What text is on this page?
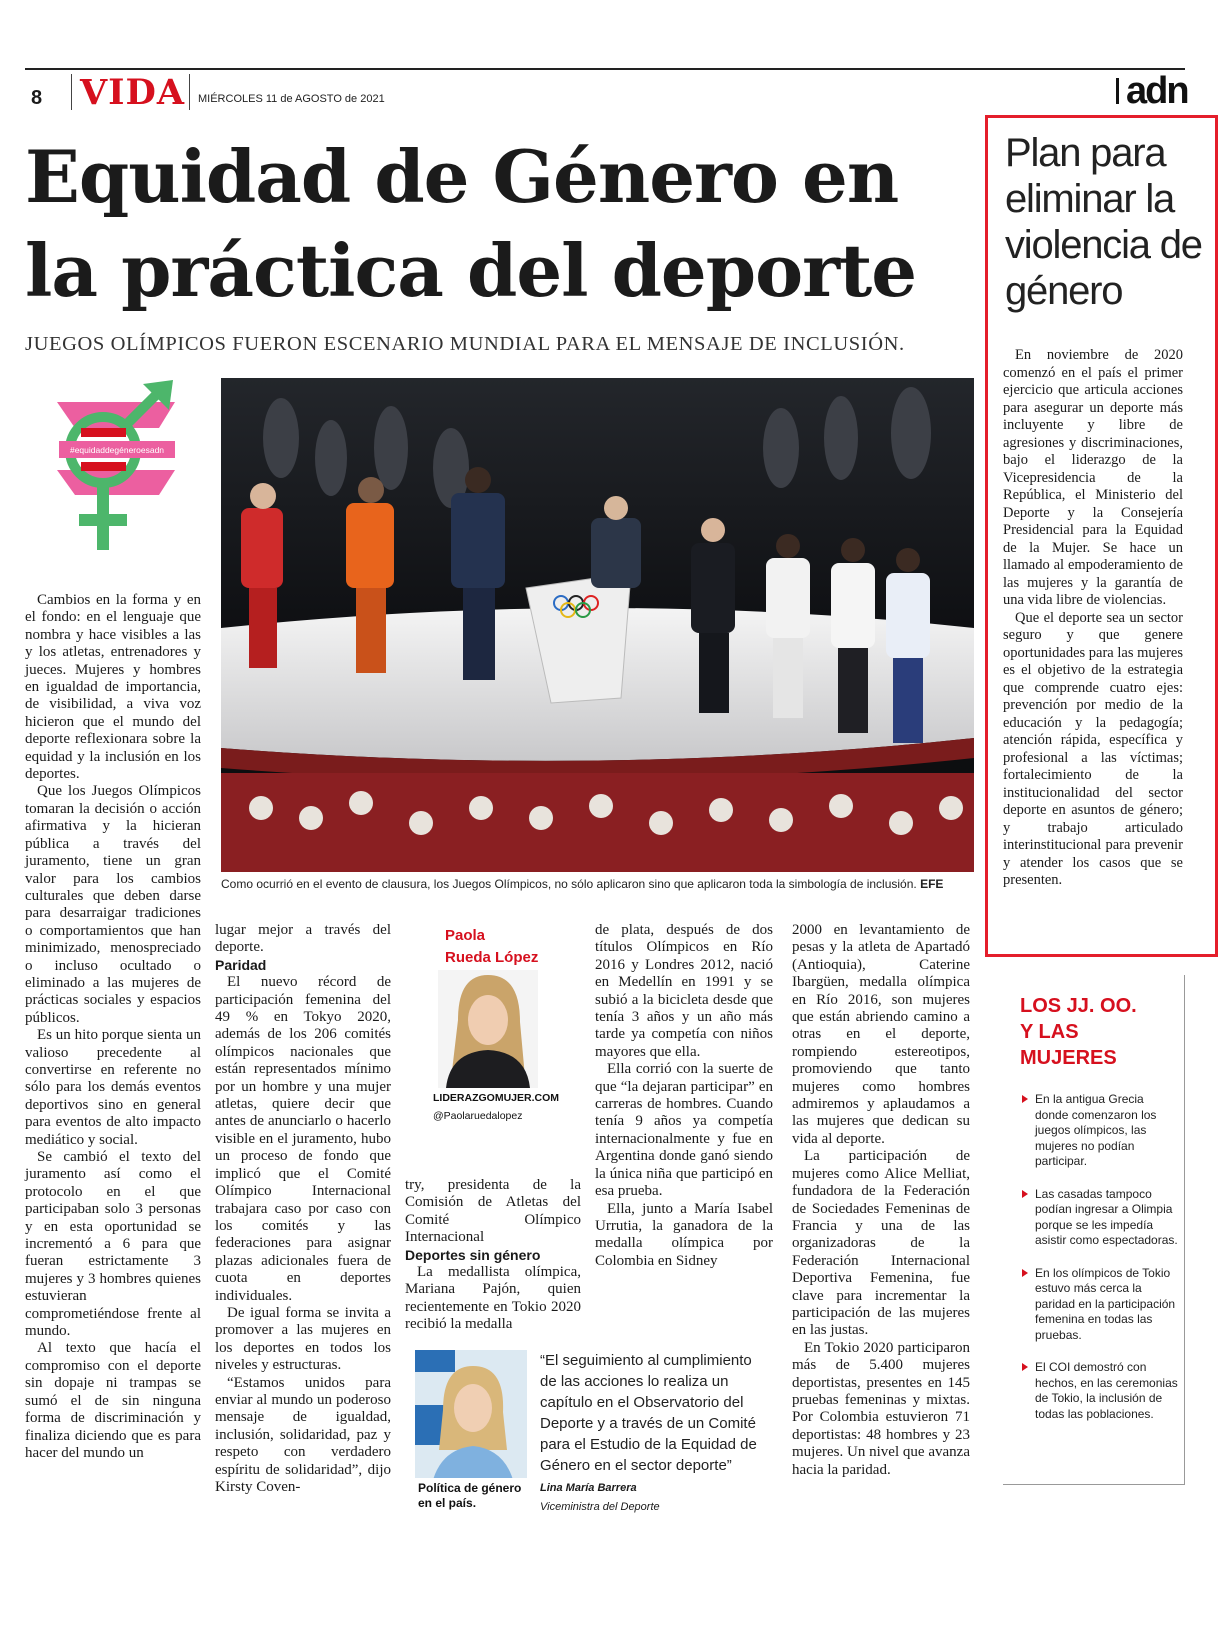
8 VIDA MIÉRCOLES 11 de AGOSTO de 2021	adn
Equidad de Género en
la práctica del deporte
JUEGOS OLÍMPICOS FUERON ESCENARIO MUNDIAL PARA EL MENSAJE DE INCLUSIÓN.
#equidaddegéneroesadn
Como ocurrió en el evento de clausura, los Juegos Olímpicos, no sólo aplicaron sino que aplicaron toda la simbología de inclusión. EFE

Cambios en la forma y en el fondo: en el lenguaje que nombra y hace visibles a las y los atletas, entrenadores y jueces. Mujeres y hombres en igualdad de importancia, de visibilidad, a viva voz hicieron que el mundo del deporte reflexionara sobre la equidad y la inclusión en los deportes.

Que los Juegos Olímpicos tomaran la decisión o acción afirmativa y la hicieran pública a través del juramento, tiene un gran valor para los cambios culturales que deben darse para desarraigar tradiciones o comportamientos que han minimizado, menospreciado o incluso ocultado o eliminado a las mujeres de prácticas sociales y espacios públicos.

Es un hito porque sienta un valioso precedente al convertirse en referente no sólo para los demás eventos deportivos sino en general para eventos de alto impacto mediático y social.

Se cambió el texto del juramento así como el protocolo en el que participaban solo 3 personas y en esta oportunidad se incrementó a 6 para que fueran estrictamente 3 mujeres y 3 hombres quienes estuvieran comprometiéndose frente al mundo.

Al texto que hacía el compromiso con el deporte sin dopaje ni trampas se sumó el de sin ninguna forma de discriminación y finaliza diciendo que es para hacer del mundo un

lugar mejor a través del deporte.

Paridad

El nuevo récord de participación femenina del 49 % en Tokyo 2020, además de los 206 comités olímpicos nacionales que están representados mínimo por un hombre y una mujer atletas, quiere decir que antes de anunciarlo o hacerlo visible en el juramento, hubo un proceso de fondo que implicó que el Comité Olímpico Internacional trabajara caso por caso con los comités y las federaciones para asignar plazas adicionales fuera de cuota en deportes individuales.

De igual forma se invita a promover a las mujeres en los deportes en todos los niveles y estructuras.

“Estamos unidos para enviar al mundo un poderoso mensaje de igualdad, inclusión, solidaridad, paz y respeto con verdadero espíritu de solidaridad”, dijo Kirsty Coven-

Paola
Rueda López
LIDERAZGOMUJER.COM
@Paolaruedalopez

try, presidenta de la Comisión de Atletas del Comité Olímpico Internacional

Deportes sin género

La medallista olímpica, Mariana Pajón, quien recientemente en Tokio 2020 recibió la medalla

de plata, después de dos títulos Olímpicos en Río 2016 y Londres 2012, nació en Medellín en 1991 y se subió a la bicicleta desde que tenía 3 años y un año más tarde ya competía con niños mayores que ella.

Ella corrió con la suerte de que “la dejaran participar” en carreras de hombres. Cuando tenía 9 años ya competía internacionalmente y fue en Argentina donde ganó siendo la única niña que participó en esa prueba.

Ella, junto a María Isabel Urrutia, la ganadora de la medalla olímpica por Colombia en Sidney

Política de género en el país.
“El seguimiento al cumplimiento de las acciones lo realiza un capítulo en el Observatorio del Deporte y a través de un Comité para el Estudio de la Equidad de Género en el sector deporte”
Lina María Barrera
Viceministra del Deporte

2000 en levantamiento de pesas y la atleta de Apartadó (Antioquia), Caterine Ibargüen, medalla olímpica en Río 2016, son mujeres que están abriendo camino a otras en el deporte, rompiendo estereotipos, promoviendo que tanto mujeres como hombres admiremos y aplaudamos a las mujeres que dedican su vida al deporte.

La participación de mujeres como Alice Melliat, fundadora de la Federación de Sociedades Femeninas de Francia y una de las organizadoras de la Federación Internacional Deportiva Femenina, fue clave para incrementar la participación de las mujeres en las justas.

En Tokio 2020 participaron más de 5.400 mujeres deportistas, presentes en 145 pruebas femeninas y mixtas. Por Colombia estuvieron 71 deportistas: 48 hombres y 23 mujeres. Un nivel que avanza hacia la paridad.

Plan para eliminar la violencia de género

En noviembre de 2020 comenzó en el país el primer ejercicio que articula acciones para asegurar un deporte más incluyente y libre de agresiones y discriminaciones, bajo el liderazgo de la Vicepresidencia de la República, el Ministerio del Deporte y la Consejería Presidencial para la Equidad de la Mujer. Se hace un llamado al empoderamiento de las mujeres y la garantía de una vida libre de violencias.

Que el deporte sea un sector seguro y que genere oportunidades para las mujeres es el objetivo de la estrategia que comprende cuatro ejes: prevención por medio de la educación y la pedagogía; atención rápida, específica y profesional a las víctimas; fortalecimiento de la institucionalidad del sector deporte en asuntos de género; y trabajo articulado interinstitucional para prevenir y atender los casos que se presenten.

LOS JJ. OO.
Y LAS
MUJERES
En la antigua Grecia donde comenzaron los juegos olímpicos, las mujeres no podían participar.
Las casadas tampoco podían ingresar a Olimpia porque se les impedía asistir como espectadoras.
En los olímpicos de Tokio estuvo más cerca la paridad en la participación femenina en todas las pruebas.
El COI demostró con hechos, en las ceremonias de Tokio, la inclusión de todas las poblaciones.
